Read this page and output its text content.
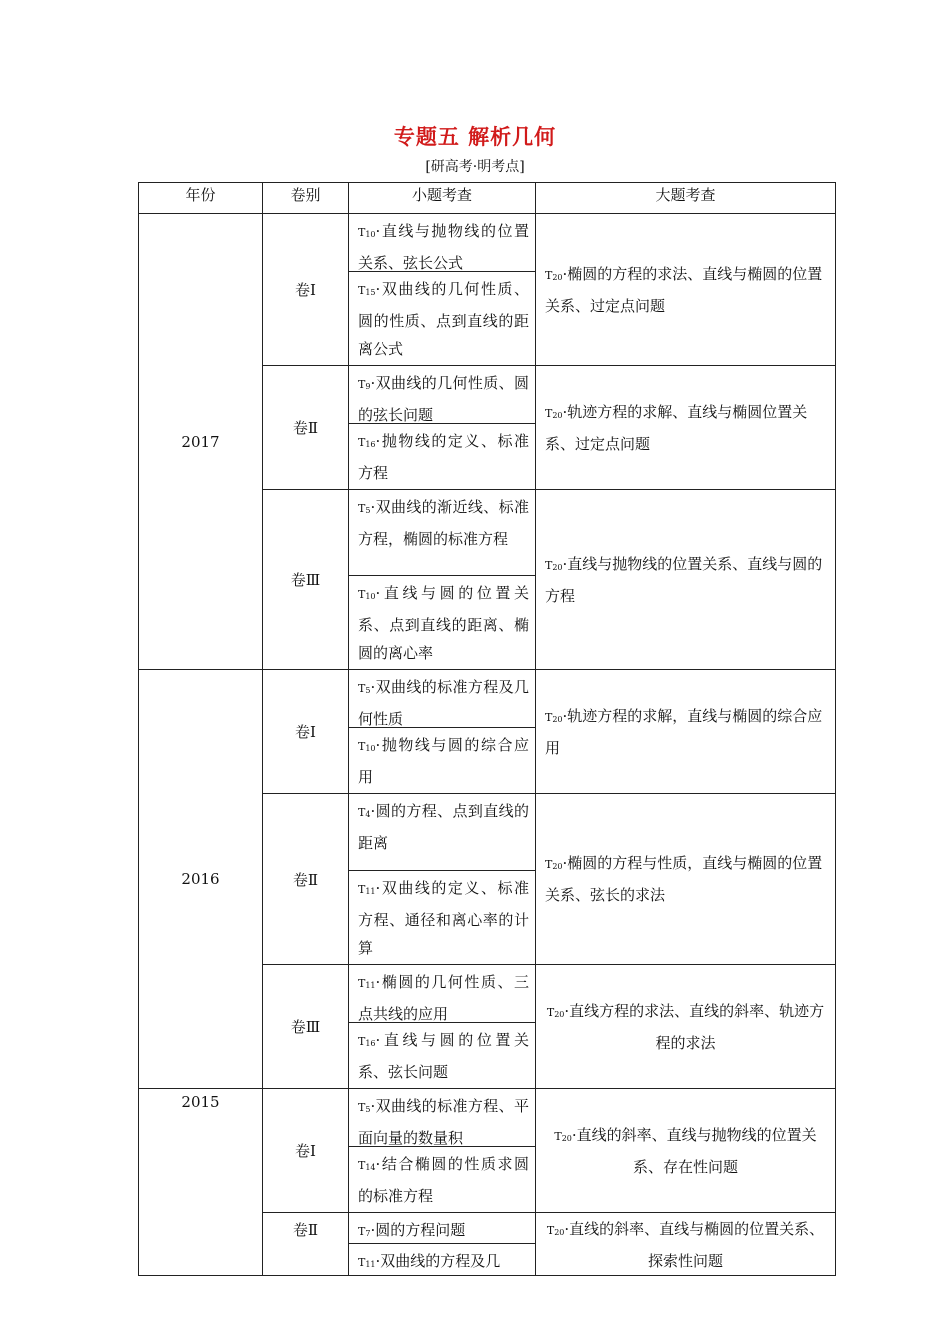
专题五 解析几何
[研高考·明考点]
年份	卷别	小题考查	大题考查
2017	卷Ⅰ	$T_{10}\cdot$直线与抛物线的位置关系、弦长公式
$T_{15}\cdot$双曲线的几何性质、圆的性质、点到直线的距离公式	$T_{20}\cdot$椭圆的方程的求法、直线与椭圆的位置关系、过定点问题
	卷Ⅱ	$T_9\cdot$双曲线的几何性质、圆的弦长问题
$T_{16}\cdot$抛物线的定义、标准方程	$T_{20}\cdot$轨迹方程的求解、直线与椭圆位置关系、过定点问题
	卷Ⅲ	$T_5\cdot$双曲线的渐近线、标准方程，椭圆的标准方程
$T_{10}\cdot$直线与圆的位置关系、点到直线的距离、椭圆的离心率	$T_{20}\cdot$直线与抛物线的位置关系、直线与圆的方程
2016	卷Ⅰ	$T_5\cdot$双曲线的标准方程及几何性质
$T_{10}\cdot$抛物线与圆的综合应用	$T_{20}\cdot$轨迹方程的求解，直线与椭圆的综合应用
	卷Ⅱ	$T_4\cdot$圆的方程、点到直线的距离
$T_{11}\cdot$双曲线的定义、标准方程、通径和离心率的计算	$T_{20}\cdot$椭圆的方程与性质，直线与椭圆的位置关系、弦长的求法
	卷Ⅲ	$T_{11}\cdot$椭圆的几何性质、三点共线的应用
$T_{16}\cdot$直线与圆的位置关系、弦长问题	$T_{20}\cdot$直线方程的求法、直线的斜率、轨迹方程的求法
2015	卷Ⅰ	$T_5\cdot$双曲线的标准方程、平面向量的数量积
$T_{14}\cdot$结合椭圆的性质求圆的标准方程	$T_{20}\cdot$直线的斜率、直线与抛物线的位置关系、存在性问题
	卷Ⅱ	$T_7\cdot$圆的方程问题
$T_{11}\cdot$双曲线的方程及几	$T_{20}\cdot$直线的斜率、直线与椭圆的位置关系、探索性问题
